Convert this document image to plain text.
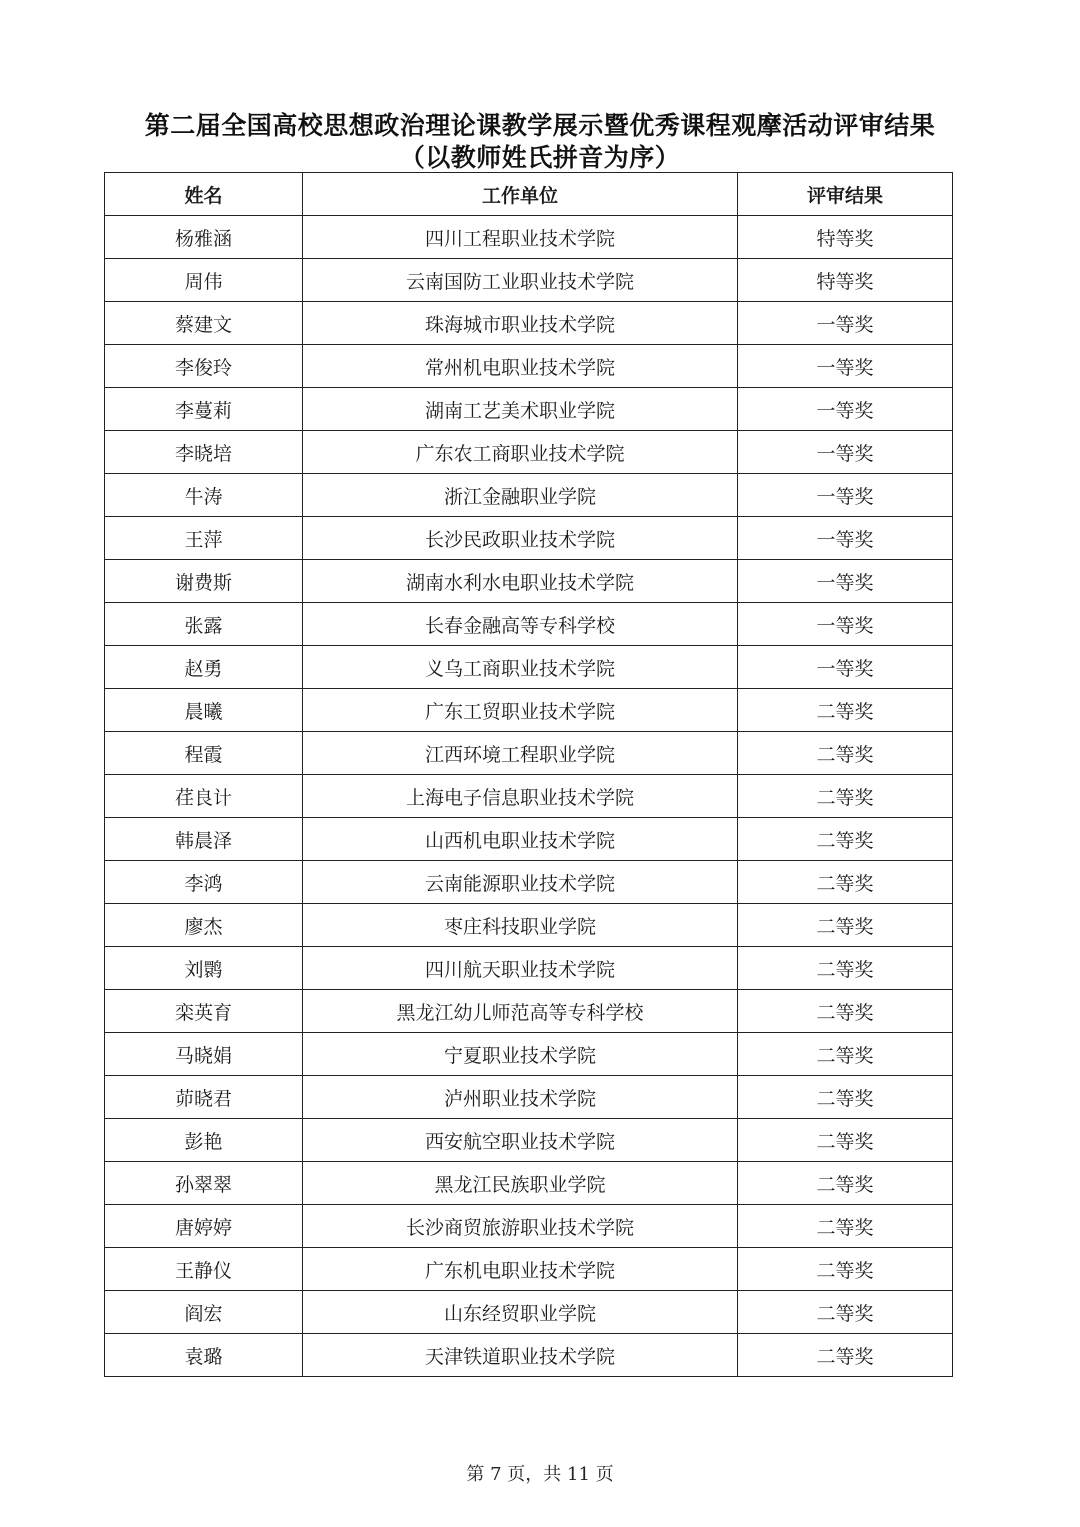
第二届全国高校思想政治理论课教学展示暨优秀课程观摩活动评审结果
（以教师姓氏拼音为序）
姓名	工作单位	评审结果
杨雅涵	四川工程职业技术学院	特等奖
周伟	云南国防工业职业技术学院	特等奖
蔡建文	珠海城市职业技术学院	一等奖
李俊玲	常州机电职业技术学院	一等奖
李蔓莉	湖南工艺美术职业学院	一等奖
李晓培	广东农工商职业技术学院	一等奖
牛涛	浙江金融职业学院	一等奖
王萍	长沙民政职业技术学院	一等奖
谢费斯	湖南水利水电职业技术学院	一等奖
张露	长春金融高等专科学校	一等奖
赵勇	义乌工商职业技术学院	一等奖
晨曦	广东工贸职业技术学院	二等奖
程霞	江西环境工程职业学院	二等奖
荏良计	上海电子信息职业技术学院	二等奖
韩晨泽	山西机电职业技术学院	二等奖
李鸿	云南能源职业技术学院	二等奖
廖杰	枣庄科技职业学院	二等奖
刘鹮	四川航天职业技术学院	二等奖
栾英育	黑龙江幼儿师范高等专科学校	二等奖
马晓娟	宁夏职业技术学院	二等奖
茆晓君	泸州职业技术学院	二等奖
彭艳	西安航空职业技术学院	二等奖
孙翠翠	黑龙江民族职业学院	二等奖
唐婷婷	长沙商贸旅游职业技术学院	二等奖
王静仪	广东机电职业技术学院	二等奖
阎宏	山东经贸职业学院	二等奖
袁璐	天津铁道职业技术学院	二等奖
第 7 页，共 11 页
